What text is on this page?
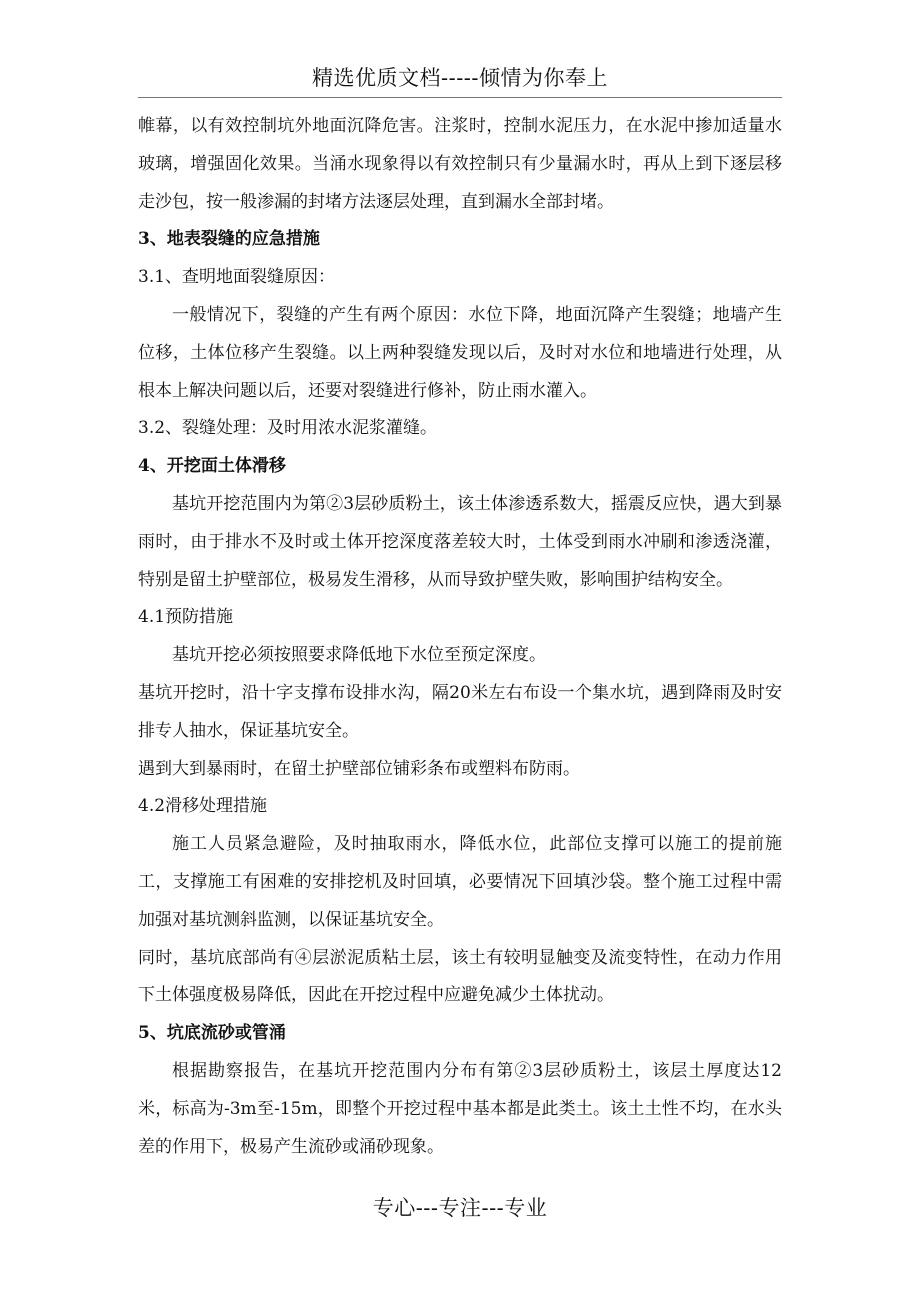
精选优质文档-----倾情为你奉上

帷幕，以有效控制坑外地面沉降危害。注浆时，控制水泥压力，在水泥中掺加适量水玻璃，增强固化效果。当涌水现象得以有效控制只有少量漏水时，再从上到下逐层移走沙包，按一般渗漏的封堵方法逐层处理，直到漏水全部封堵。

3、地表裂缝的应急措施

3.1、查明地面裂缝原因：

一般情况下，裂缝的产生有两个原因：水位下降，地面沉降产生裂缝；地墙产生位移，土体位移产生裂缝。以上两种裂缝发现以后，及时对水位和地墙进行处理，从根本上解决问题以后，还要对裂缝进行修补，防止雨水灌入。

3.2、裂缝处理：及时用浓水泥浆灌缝。

4、开挖面土体滑移

基坑开挖范围内为第②3层砂质粉土，该土体渗透系数大，摇震反应快，遇大到暴雨时，由于排水不及时或土体开挖深度落差较大时，土体受到雨水冲刷和渗透浇灌，特别是留土护壁部位，极易发生滑移，从而导致护壁失败，影响围护结构安全。

4.1预防措施

基坑开挖必须按照要求降低地下水位至预定深度。

基坑开挖时，沿十字支撑布设排水沟，隔20米左右布设一个集水坑，遇到降雨及时安排专人抽水，保证基坑安全。

遇到大到暴雨时，在留土护壁部位铺彩条布或塑料布防雨。

4.2滑移处理措施

施工人员紧急避险，及时抽取雨水，降低水位，此部位支撑可以施工的提前施工，支撑施工有困难的安排挖机及时回填，必要情况下回填沙袋。整个施工过程中需加强对基坑测斜监测，以保证基坑安全。

同时，基坑底部尚有④层淤泥质粘土层，该土有较明显触变及流变特性，在动力作用下土体强度极易降低，因此在开挖过程中应避免减少土体扰动。

5、坑底流砂或管涌

根据勘察报告，在基坑开挖范围内分布有第②3层砂质粉土，该层土厚度达12米，标高为-3m至-15m，即整个开挖过程中基本都是此类土。该土土性不均，在水头差的作用下，极易产生流砂或涌砂现象。

专心---专注---专业
